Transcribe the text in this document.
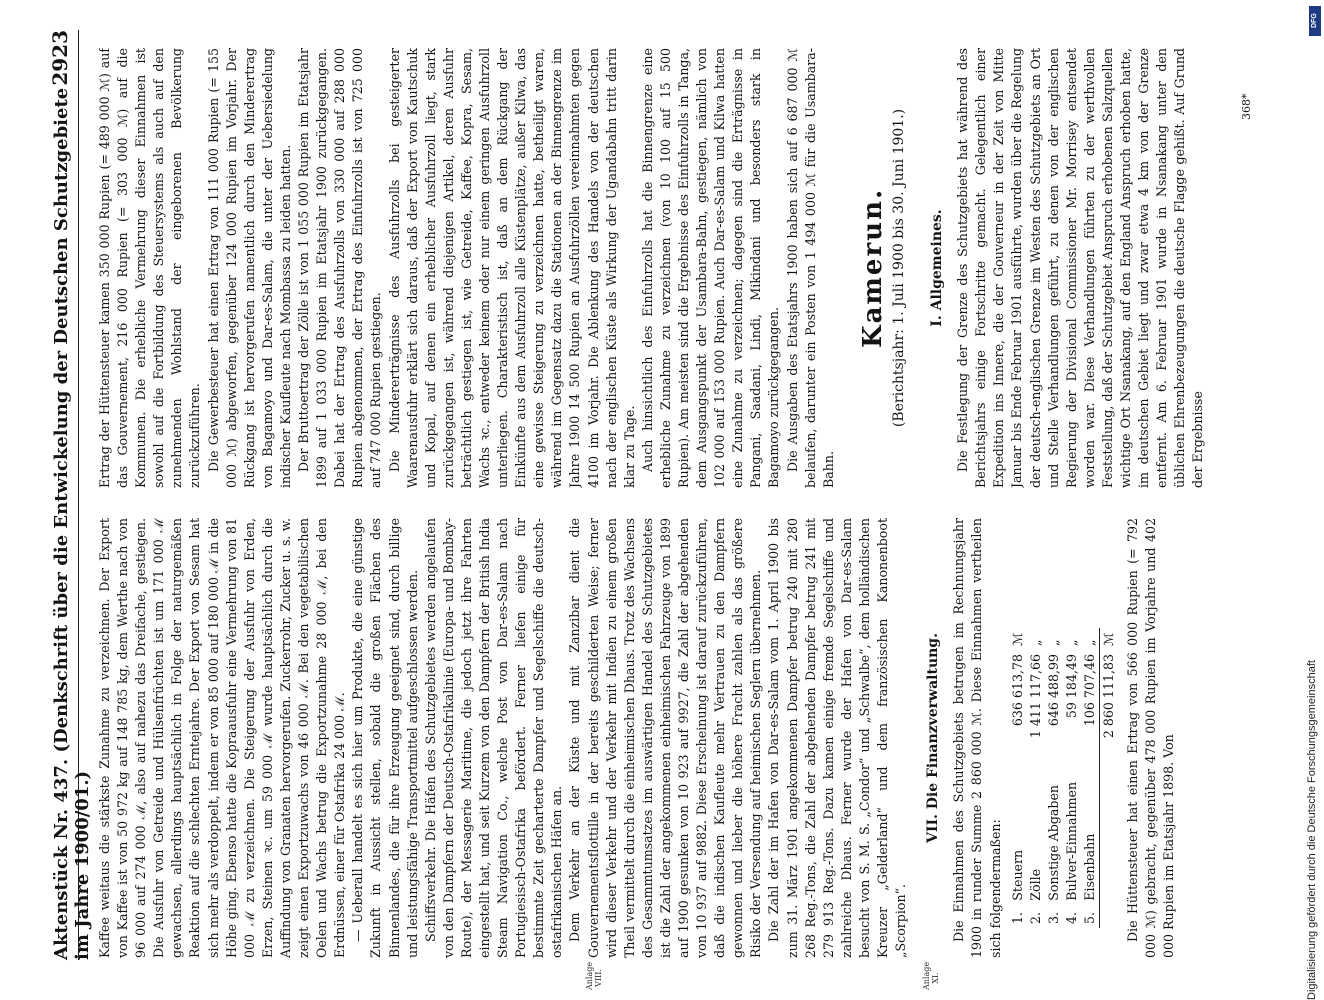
Aktenstück Nr. 437. (Denkschrift über die Entwickelung der Deutschen Schutzgebiete im Jahre 1900/01.)
2923
Anlage VIII.	Anlage XI.

Kaffee weitaus die stärkste Zunahme zu verzeichnen. Der Export von Kaffee ist von 50 972 kg auf 148 785 kg, dem Werthe nach von 96 000 auf 274 000 ℳ, also auf nahezu das Dreifache, gestiegen. Die Ausfuhr von Getreide und Hülsenfrüchten ist um 171 000 ℳ gewachsen, allerdings hauptsächlich in Folge der naturgemäßen Reaktion auf die schlechten Erntejahre. Der Export von Sesam hat sich mehr als verdoppelt, indem er von 85 000 auf 180 000 ℳ in die Höhe ging. Ebenso hatte die Kopraausfuhr eine Vermehrung von 81 000 ℳ zu verzeichnen. Die Steigerung der Ausfuhr von Erden, Erzen, Steinen ꝛc. um 59 000 ℳ wurde hauptsächlich durch die Auffindung von Granaten hervorgerufen. Zuckerrohr, Zucker u. s. w. zeigt einen Exportzuwachs von 46 000 ℳ. Bei den vegetabilischen Oelen und Wachs betrug die Exportzunahme 28 000 ℳ, bei den Erdnüssen, einer für Ostafrika 24 000 ℳ. — Ueberall handelt es sich hier um Produkte, die eine günstige Zukunft in Aussicht stellen, sobald die großen Flächen des Binnenlandes, die für ihre Erzeugung geeignet sind, durch billige und leistungsfähige Transportmittel aufgeschlossen werden. Schiffsverkehr. Die Häfen des Schutzgebietes werden angelaufen von den Dampfern der Deutsch-Ostafrikalinie (Europa- und Bombay-Route), der Messagerie Maritime, die jedoch jetzt ihre Fahrten eingestellt hat, und seit Kurzem von den Dampfern der British India Steam Navigation Co., welche Post von Dar-es-Salam nach Portugiesisch-Ostafrika befördert. Ferner liefen einige für bestimmte Zeit gecharterte Dampfer und Segelschiffe die deutsch-ostafrikanischen Häfen an. Dem Verkehr an der Küste und mit Zanzibar dient die Gouvernementsflottille in der bereits geschilderten Weise; ferner wird dieser Verkehr und der Verkehr mit Indien zu einem großen Theil vermittelt durch die einheimischen Dhaus. Trotz des Wachsens des Gesammtumsatzes im auswärtigen Handel des Schutzgebietes ist die Zahl der angekommenen einheimischen Fahrzeuge von 1899 auf 1900 gesunken von 10 923 auf 9927, die Zahl der abgehenden von 10 937 auf 9882. Diese Erscheinung ist darauf zurückzuführen, daß die indischen Kaufleute mehr Vertrauen zu den Dampfern gewonnen und lieber die höhere Fracht zahlen als das größere Risiko der Versendung auf heimischen Seglern übernehmen. Die Zahl der im Hafen von Dar-es-Salam vom 1. April 1900 bis zum 31. März 1901 angekommenen Dampfer betrug 240 mit 280 268 Reg.-Tons, die Zahl der abgehenden Dampfer betrug 241 mit 279 913 Reg.-Tons. Dazu kamen einige fremde Segelschiffe und zahlreiche Dhaus. Ferner wurde der Hafen von Dar-es-Salam besucht von S. M. S. „Condor“ und „Schwalbe“, dem holländischen Kreuzer „Gelderland“ und dem französischen Kanonenboot „Scorpion“.

VII. Die Finanzverwaltung. Die Einnahmen des Schutzgebiets betrugen im Rechnungsjahr 1900 in runder Summe 2 860 000 ℳ. Diese Einnahmen vertheilen sich folgendermaßen: 1.	Steuern	636 613,78	ℳ
2.	Zölle	1 411 117,66	„
3.	Sonstige Abgaben	646 488,99	„
4.	Bulver-Einnahmen	59 184,49	„
5.	Eisenbahn	106 707,46	„
		2 860 111,83	ℳ Die Hüttensteuer hat einen Ertrag von 566 000 Rupien (= 792 000 ℳ) gebracht, gegenüber 478 000 Rupien im Vorjahre und 402 000 Rupien im Etatsjahr 1898. Von

Ertrag der Hüttensteuer kamen 350 000 Rupien (= 489 000 ℳ) auf das Gouvernement, 216 000 Rupien (= 303 000 ℳ) auf die Kommunen. Die erhebliche Vermehrung dieser Einnahmen ist sowohl auf die Fortbildung des Steuersystems als auch auf den zunehmenden Wohlstand der eingeborenen Bevölkerung zurückzuführen. Die Gewerbesteuer hat einen Ertrag von 111 000 Rupien (= 155 000 ℳ) abgeworfen, gegenüber 124 000 Rupien im Vorjahr. Der Rückgang ist hervorgerufen namentlich durch den Minderertrag von Bagamoyo und Dar-es-Salam, die unter der Uebersiedelung indischer Kaufleute nach Mombassa zu leiden hatten. Der Bruttoertrag der Zölle ist von 1 055 000 Rupien im Etatsjahr 1899 auf 1 033 000 Rupien im Etatsjahr 1900 zurückgegangen. Dabei hat der Ertrag des Ausfuhrzolls von 330 000 auf 288 000 Rupien abgenommen, der Ertrag des Einfuhrzolls ist von 725 000 auf 747 000 Rupien gestiegen. Die Mindererträgnisse des Ausfuhrzolls bei gesteigerter Waarenausfuhr erklärt sich daraus, daß der Export von Kautschuk und Kopal, auf denen ein erheblicher Ausfuhrzoll liegt, stark zurückgegangen ist, während diejenigen Artikel, deren Ausfuhr beträchtlich gestiegen ist, wie Getreide, Kaffee, Kopra, Sesam, Wachs ꝛc., entweder keinem oder nur einem geringen Ausfuhrzoll unterliegen. Charakteristisch ist, daß an dem Rückgang der Einkünfte aus dem Ausfuhrzoll alle Küstenplätze, außer Kilwa, das eine gewisse Steigerung zu verzeichnen hatte, betheiligt waren, während im Gegensatz dazu die Stationen an der Binnengrenze im Jahre 1900 14 500 Rupien an Ausfuhrzöllen vereinnahmten gegen 4100 im Vorjahr. Die Ablenkung des Handels von der deutschen nach der englischen Küste als Wirkung der Ugandabahn tritt darin klar zu Tage. Auch hinsichtlich des Einfuhrzolls hat die Binnengrenze eine erhebliche Zunahme zu verzeichnen (von 10 100 auf 15 500 Rupien). Am meisten sind die Ergebnisse des Einfuhrzolls in Tanga, dem Ausgangspunkt der Usambara-Bahn, gestiegen, nämlich von 102 000 auf 153 000 Rupien. Auch Dar-es-Salam und Kilwa hatten eine Zunahme zu verzeichnen; dagegen sind die Erträgnisse in Pangani, Saadani, Lindi, Mikindani und besonders stark in Bagamoyo zurückgegangen. Die Ausgaben des Etatsjahrs 1900 haben sich auf 6 687 000 ℳ belaufen, darunter ein Posten von 1 494 000 ℳ für die Usambara-Bahn.

Kamerun. (Berichtsjahr: 1. Juli 1900 bis 30. Juni 1901.) I. Allgemeines. Die Festlegung der Grenze des Schutzgebiets hat während des Berichtsjahrs einige Fortschritte gemacht. Gelegentlich einer Expedition ins Innere, die der Gouverneur in der Zeit von Mitte Januar bis Ende Februar 1901 ausführte, wurden über die Regelung der deutsch-englischen Grenze im Westen des Schutzgebiets an Ort und Stelle Verhandlungen geführt, zu denen von der englischen Regierung der Divisional Commissioner Mr. Morrisey entsendet worden war. Diese Verhandlungen führten zu der werthvollen Feststellung, daß der Schutzgebiet Anspruch erhobenen Salzquellen wichtige Ort Nsanakang, auf den England Anspruch erhoben hatte, im deutschen Gebiet liegt und zwar etwa 4 km von der Grenze entfernt. Am 6. Februar 1901 wurde in Nsanakang unter den üblichen Ehrenbezeugungen die deutsche Flagge gehißt. Auf Grund der Ergebnisse

368*
DFG
Digitalisierung gefördert durch die Deutsche Forschungsgemeinschaft
